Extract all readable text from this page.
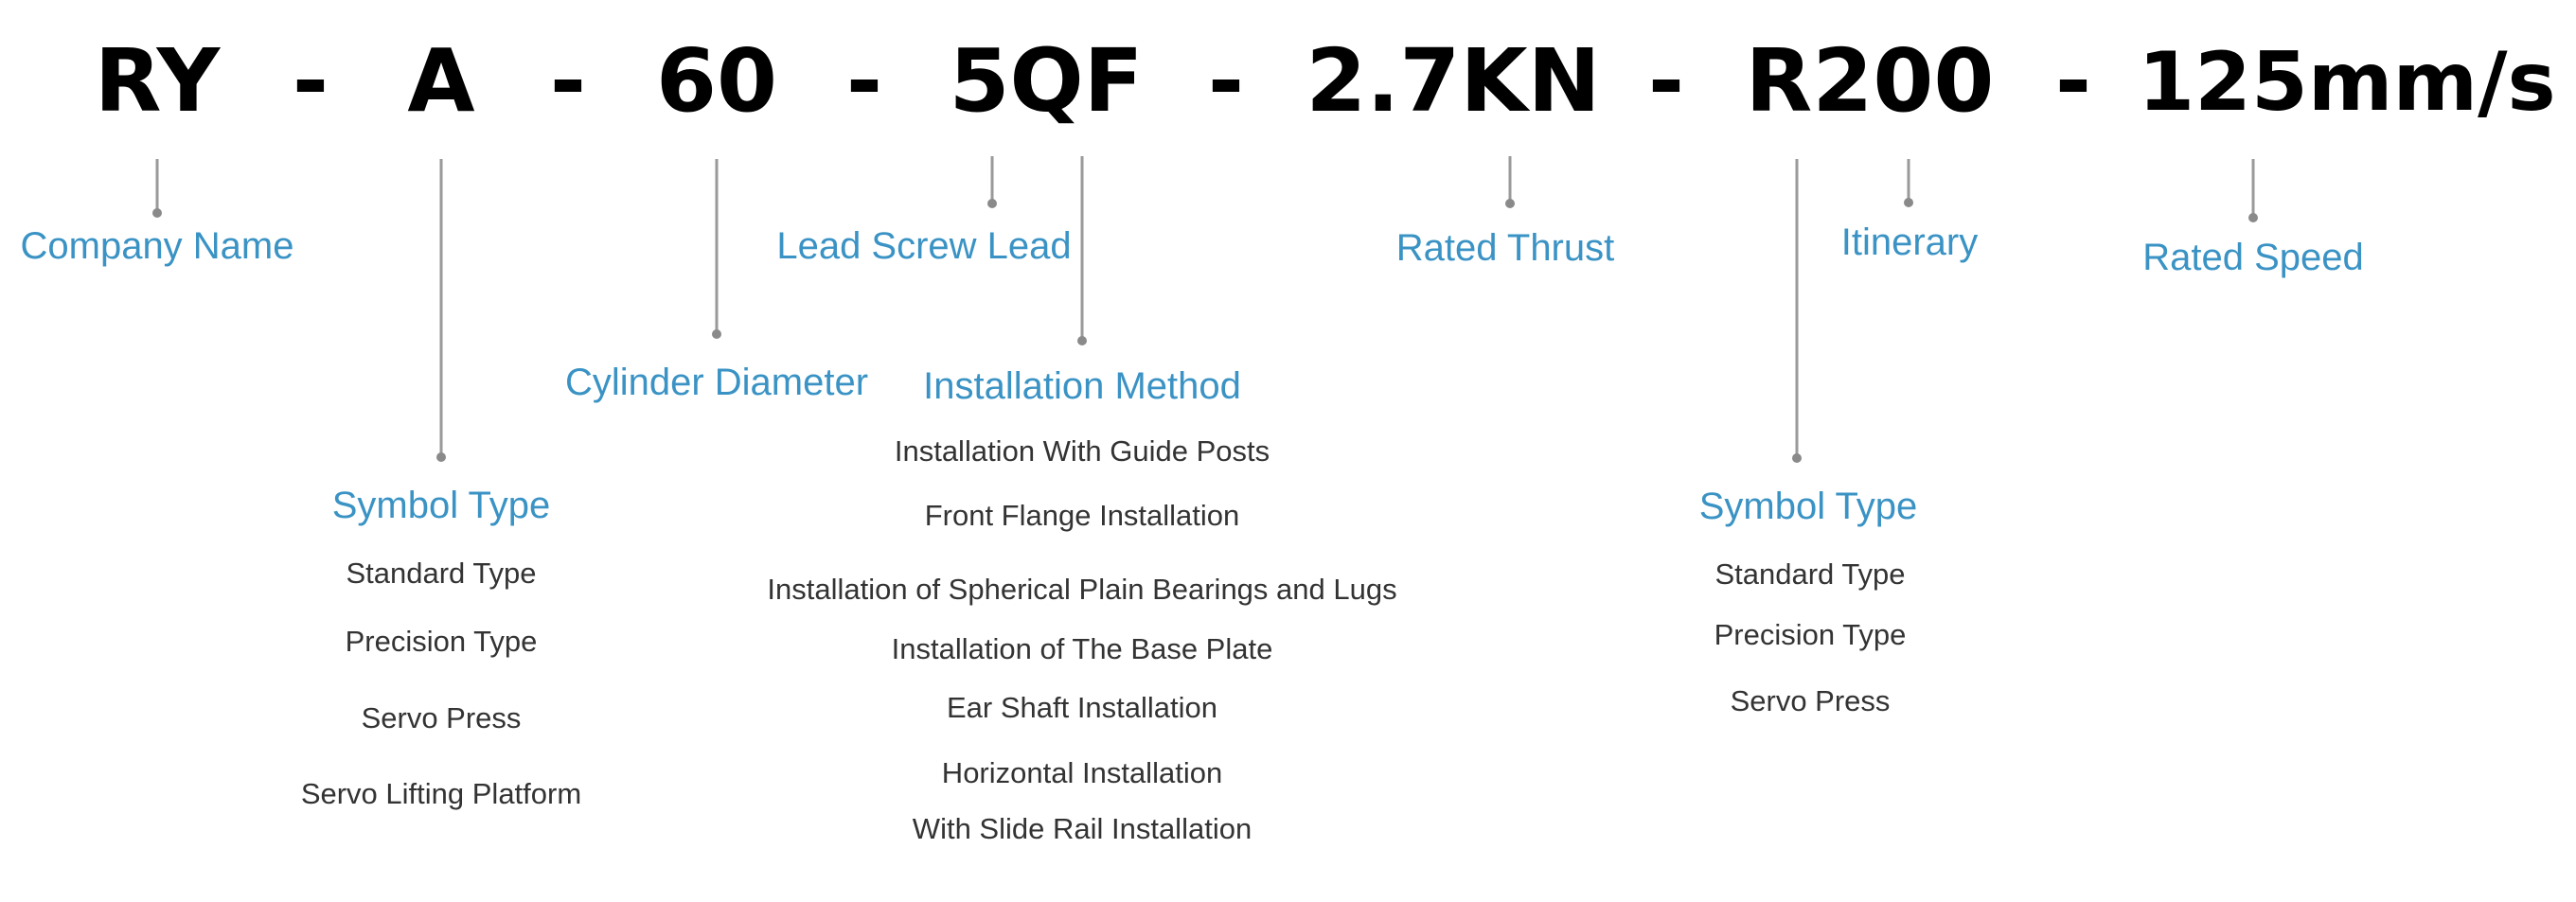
RY - A - 60 - 5QF - 2.7KN - R200 - 125mm/s
Company Name
Symbol Type
Cylinder Diameter
Lead Screw Lead
Installation Method
Rated Thrust
Symbol Type
Itinerary	Rated Speed
Standard Type
Precision Type
Servo Press
Servo Lifting Platform
Installation With Guide Posts
Front Flange Installation
Installation of Spherical Plain Bearings and Lugs
Installation of The Base Plate
Ear Shaft Installation
Horizontal Installation
With Slide Rail Installation
Standard Type
Precision Type
Servo Press
